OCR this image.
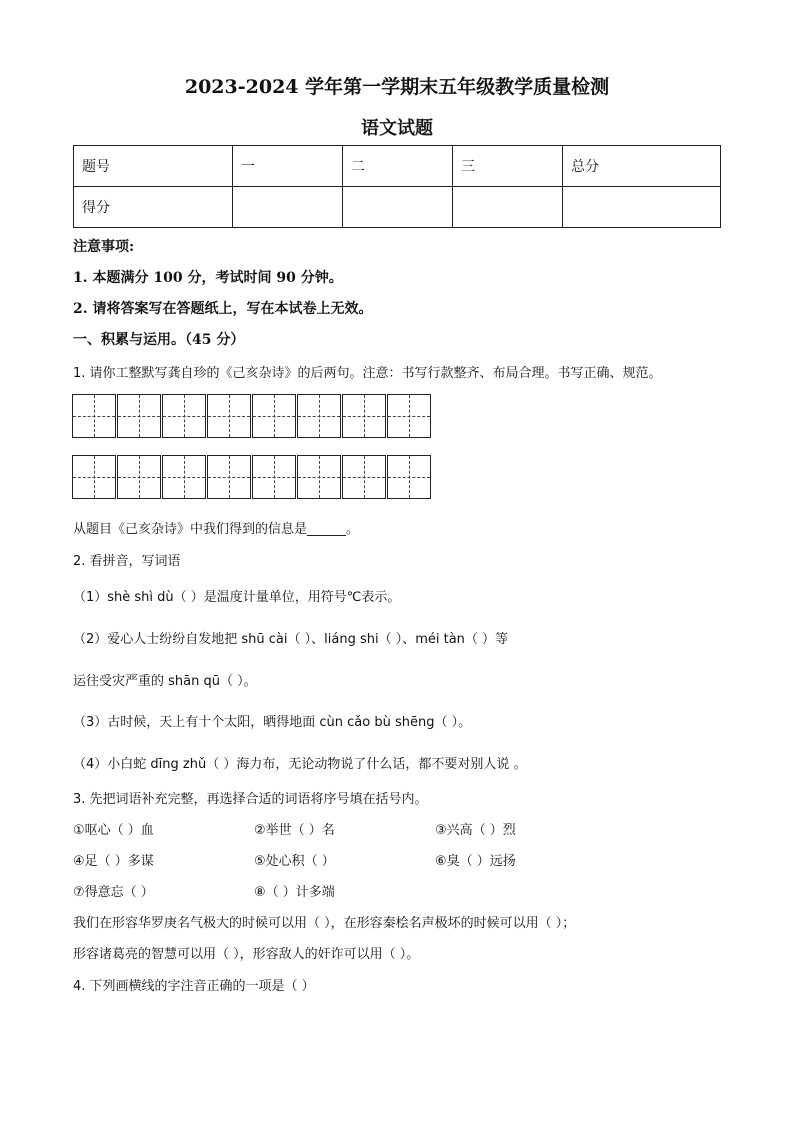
2023-2024 学年第一学期末五年级教学质量检测
语文试题
题号	一	二	三	总分
得分				
注意事项:
1. 本题满分 100 分，考试时间 90 分钟。
2. 请将答案写在答题纸上，写在本试卷上无效。
一、积累与运用。（45 分）
1. 请你工整默写龚自珍的《己亥杂诗》的后两句。注意：书写行款整齐、布局合理。书写正确、规范。
从题目《己亥杂诗》中我们得到的信息是______。
2. 看拼音，写词语
（1）shè shì dù（ ）是温度计量单位，用符号℃表示。
（2）爱心人士纷纷自发地把 shū cài（ ）、liáng shi（ ）、méi tàn（ ）等
运往受灾严重的 shān qū（ ）。
（3）古时候，天上有十个太阳，晒得地面 cùn cǎo bù shēng（ ）。
（4）小白蛇 dīng zhǔ（ ）海力布，无论动物说了什么话，都不要对别人说 。
3. 先把词语补充完整，再选择合适的词语将序号填在括号内。
①呕心（ ）血	②举世（ ）名	③兴高（ ）烈
④足（ ）多谋	⑤处心积（ ）	⑥臭（ ）远扬
⑦得意忘（ ）	⑧（ ）计多端
我们在形容华罗庚名气极大的时候可以用（ ），在形容秦桧名声极坏的时候可以用（ ）；
形容诸葛亮的智慧可以用（ ），形容敌人的奸诈可以用（ ）。
4. 下列画横线的字注音正确的一项是（ ）
